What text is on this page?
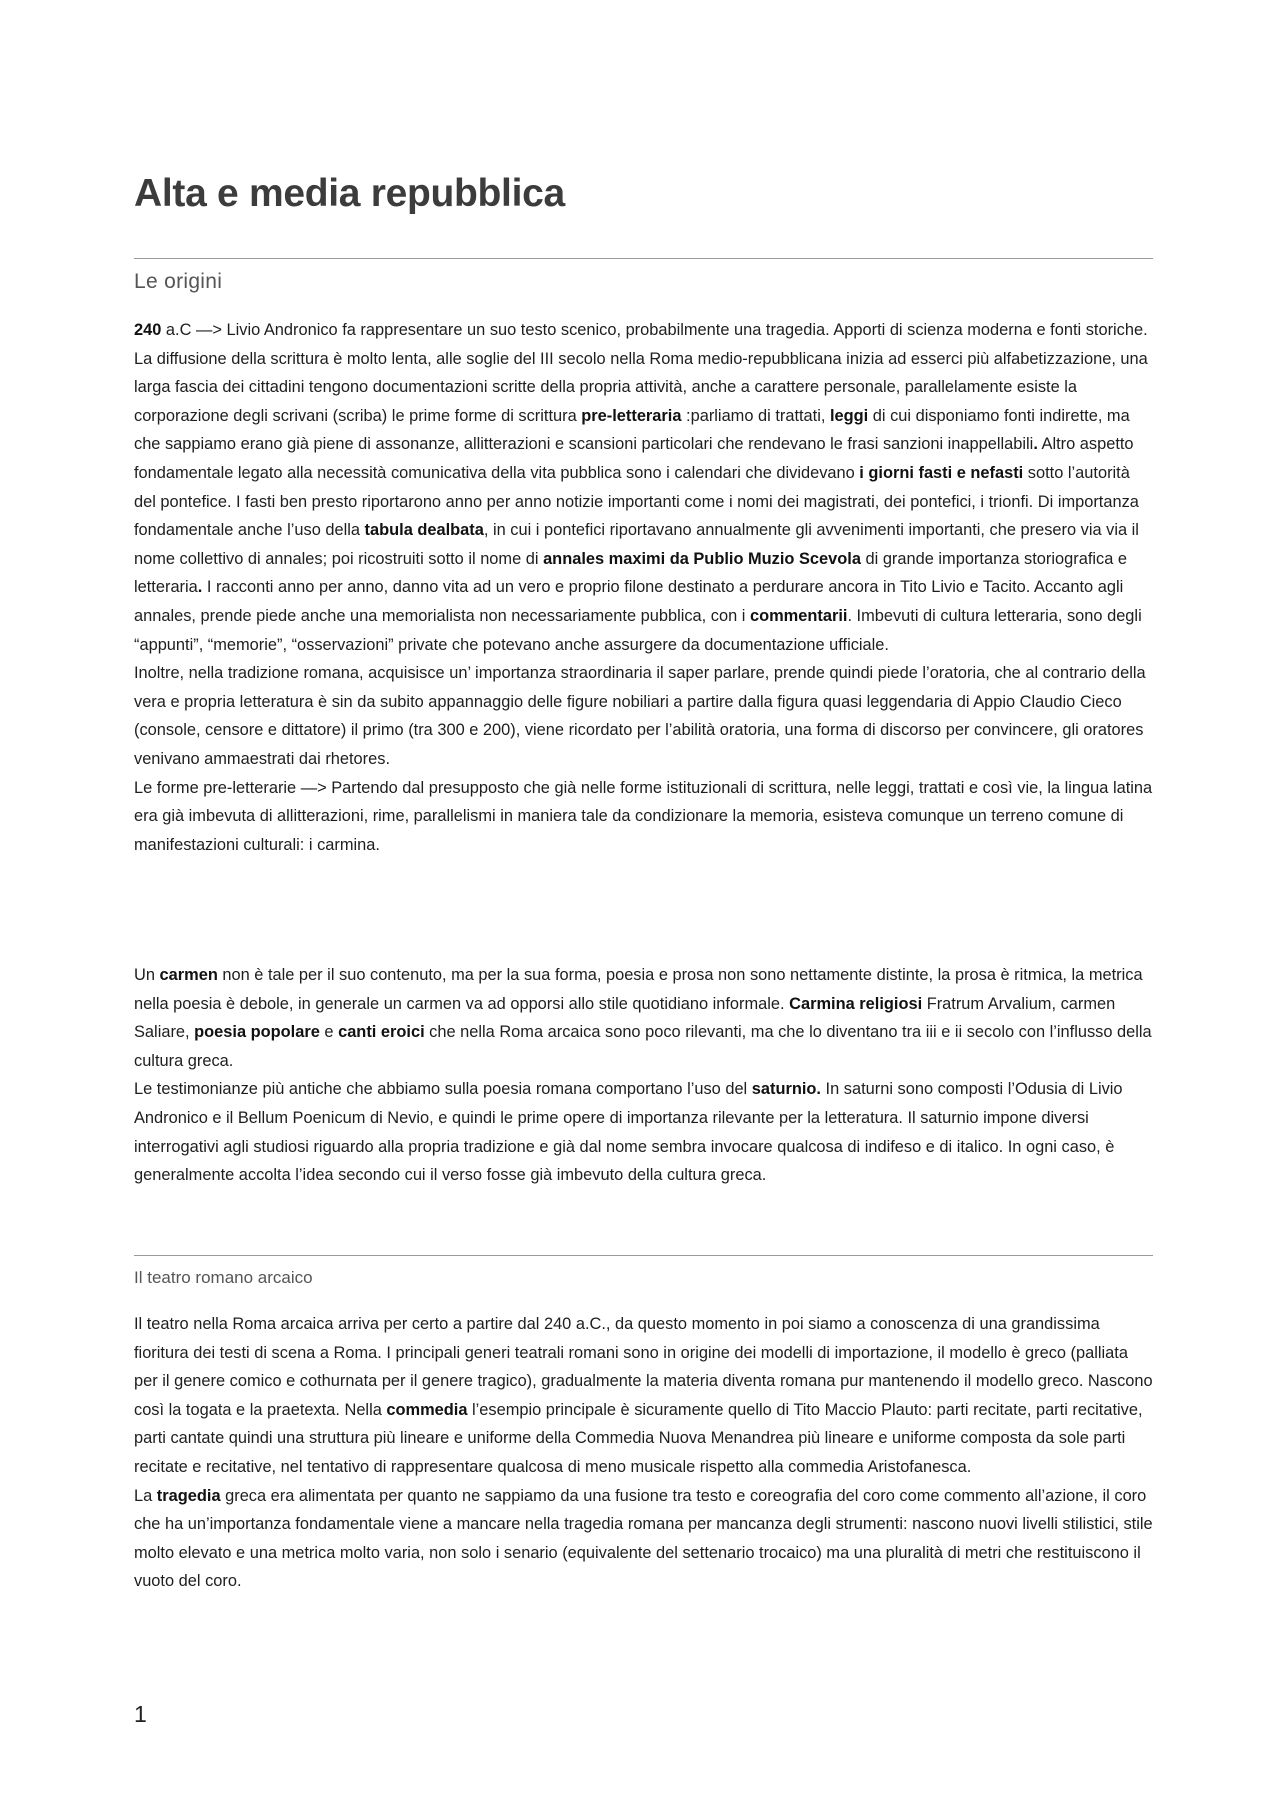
Alta e media repubblica
Le origini

240 a.C —> Livio Andronico fa rappresentare un suo testo scenico, probabilmente una tragedia. Apporti di scienza moderna e fonti storiche.

La diffusione della scrittura è molto lenta, alle soglie del III secolo nella Roma medio-repubblicana inizia ad esserci più alfabetizzazione, una larga fascia dei cittadini tengono documentazioni scritte della propria attività, anche a carattere personale, parallelamente esiste la corporazione degli scrivani (scriba) le prime forme di scrittura pre-letteraria :parliamo di trattati, leggi di cui disponiamo fonti indirette, ma che sappiamo erano già piene di assonanze, allitterazioni e scansioni particolari che rendevano le frasi sanzioni inappellabili. Altro aspetto fondamentale legato alla necessità comunicativa della vita pubblica sono i calendari che dividevano i giorni fasti e nefasti sotto l’autorità del pontefice. I fasti ben presto riportarono anno per anno notizie importanti come i nomi dei magistrati, dei pontefici, i trionfi. Di importanza fondamentale anche l’uso della tabula dealbata, in cui i pontefici riportavano annualmente gli avvenimenti importanti, che presero via via il nome collettivo di annales; poi ricostruiti sotto il nome di annales maximi da Publio Muzio Scevola di grande importanza storiografica e letteraria. I racconti anno per anno, danno vita ad un vero e proprio filone destinato a perdurare ancora in Tito Livio e Tacito. Accanto agli annales, prende piede anche una memorialista non necessariamente pubblica, con i commentarii. Imbevuti di cultura letteraria, sono degli “appunti”, “memorie”, “osservazioni” private che potevano anche assurgere da documentazione ufficiale.

Inoltre, nella tradizione romana, acquisisce un’ importanza straordinaria il saper parlare, prende quindi piede l’oratoria, che al contrario della vera e propria letteratura è sin da subito appannaggio delle figure nobiliari a partire dalla figura quasi leggendaria di Appio Claudio Cieco (console, censore e dittatore) il primo (tra 300 e 200), viene ricordato per l’abilità oratoria, una forma di discorso per convincere, gli oratores venivano ammaestrati dai rhetores.

Le forme pre-letterarie —> Partendo dal presupposto che già nelle forme istituzionali di scrittura, nelle leggi, trattati e così vie, la lingua latina era già imbevuta di allitterazioni, rime, parallelismi in maniera tale da condizionare la memoria, esisteva comunque un terreno comune di manifestazioni culturali: i carmina.

Un carmen non è tale per il suo contenuto, ma per la sua forma, poesia e prosa non sono nettamente distinte, la prosa è ritmica, la metrica nella poesia è debole, in generale un carmen va ad opporsi allo stile quotidiano informale. Carmina religiosi Fratrum Arvalium, carmen Saliare, poesia popolare e canti eroici che nella Roma arcaica sono poco rilevanti, ma che lo diventano tra iii e ii secolo con l’influsso della cultura greca.

Le testimonianze più antiche che abbiamo sulla poesia romana comportano l’uso del saturnio. In saturni sono composti l’Odusia di Livio Andronico e il Bellum Poenicum di Nevio, e quindi le prime opere di importanza rilevante per la letteratura. Il saturnio impone diversi interrogativi agli studiosi riguardo alla propria tradizione e già dal nome sembra invocare qualcosa di indifeso e di italico. In ogni caso, è generalmente accolta l’idea secondo cui il verso fosse già imbevuto della cultura greca.

Il teatro romano arcaico

Il teatro nella Roma arcaica arriva per certo a partire dal 240 a.C., da questo momento in poi siamo a conoscenza di una grandissima fioritura dei testi di scena a Roma. I principali generi teatrali romani sono in origine dei modelli di importazione, il modello è greco (palliata per il genere comico e cothurnata per il genere tragico), gradualmente la materia diventa romana pur mantenendo il modello greco. Nascono così la togata e la praetexta. Nella commedia l’esempio principale è sicuramente quello di Tito Maccio Plauto: parti recitate, parti recitative, parti cantate quindi una struttura più lineare e uniforme della Commedia Nuova Menandrea più lineare e uniforme composta da sole parti recitate e recitative, nel tentativo di rappresentare qualcosa di meno musicale rispetto alla commedia Aristofanesca.

La tragedia greca era alimentata per quanto ne sappiamo da una fusione tra testo e coreografia del coro come commento all’azione, il coro che ha un’importanza fondamentale viene a mancare nella tragedia romana per mancanza degli strumenti: nascono nuovi livelli stilistici, stile molto elevato e una metrica molto varia, non solo i senario (equivalente del settenario trocaico) ma una pluralità di metri che restituiscono il vuoto del coro.

1
